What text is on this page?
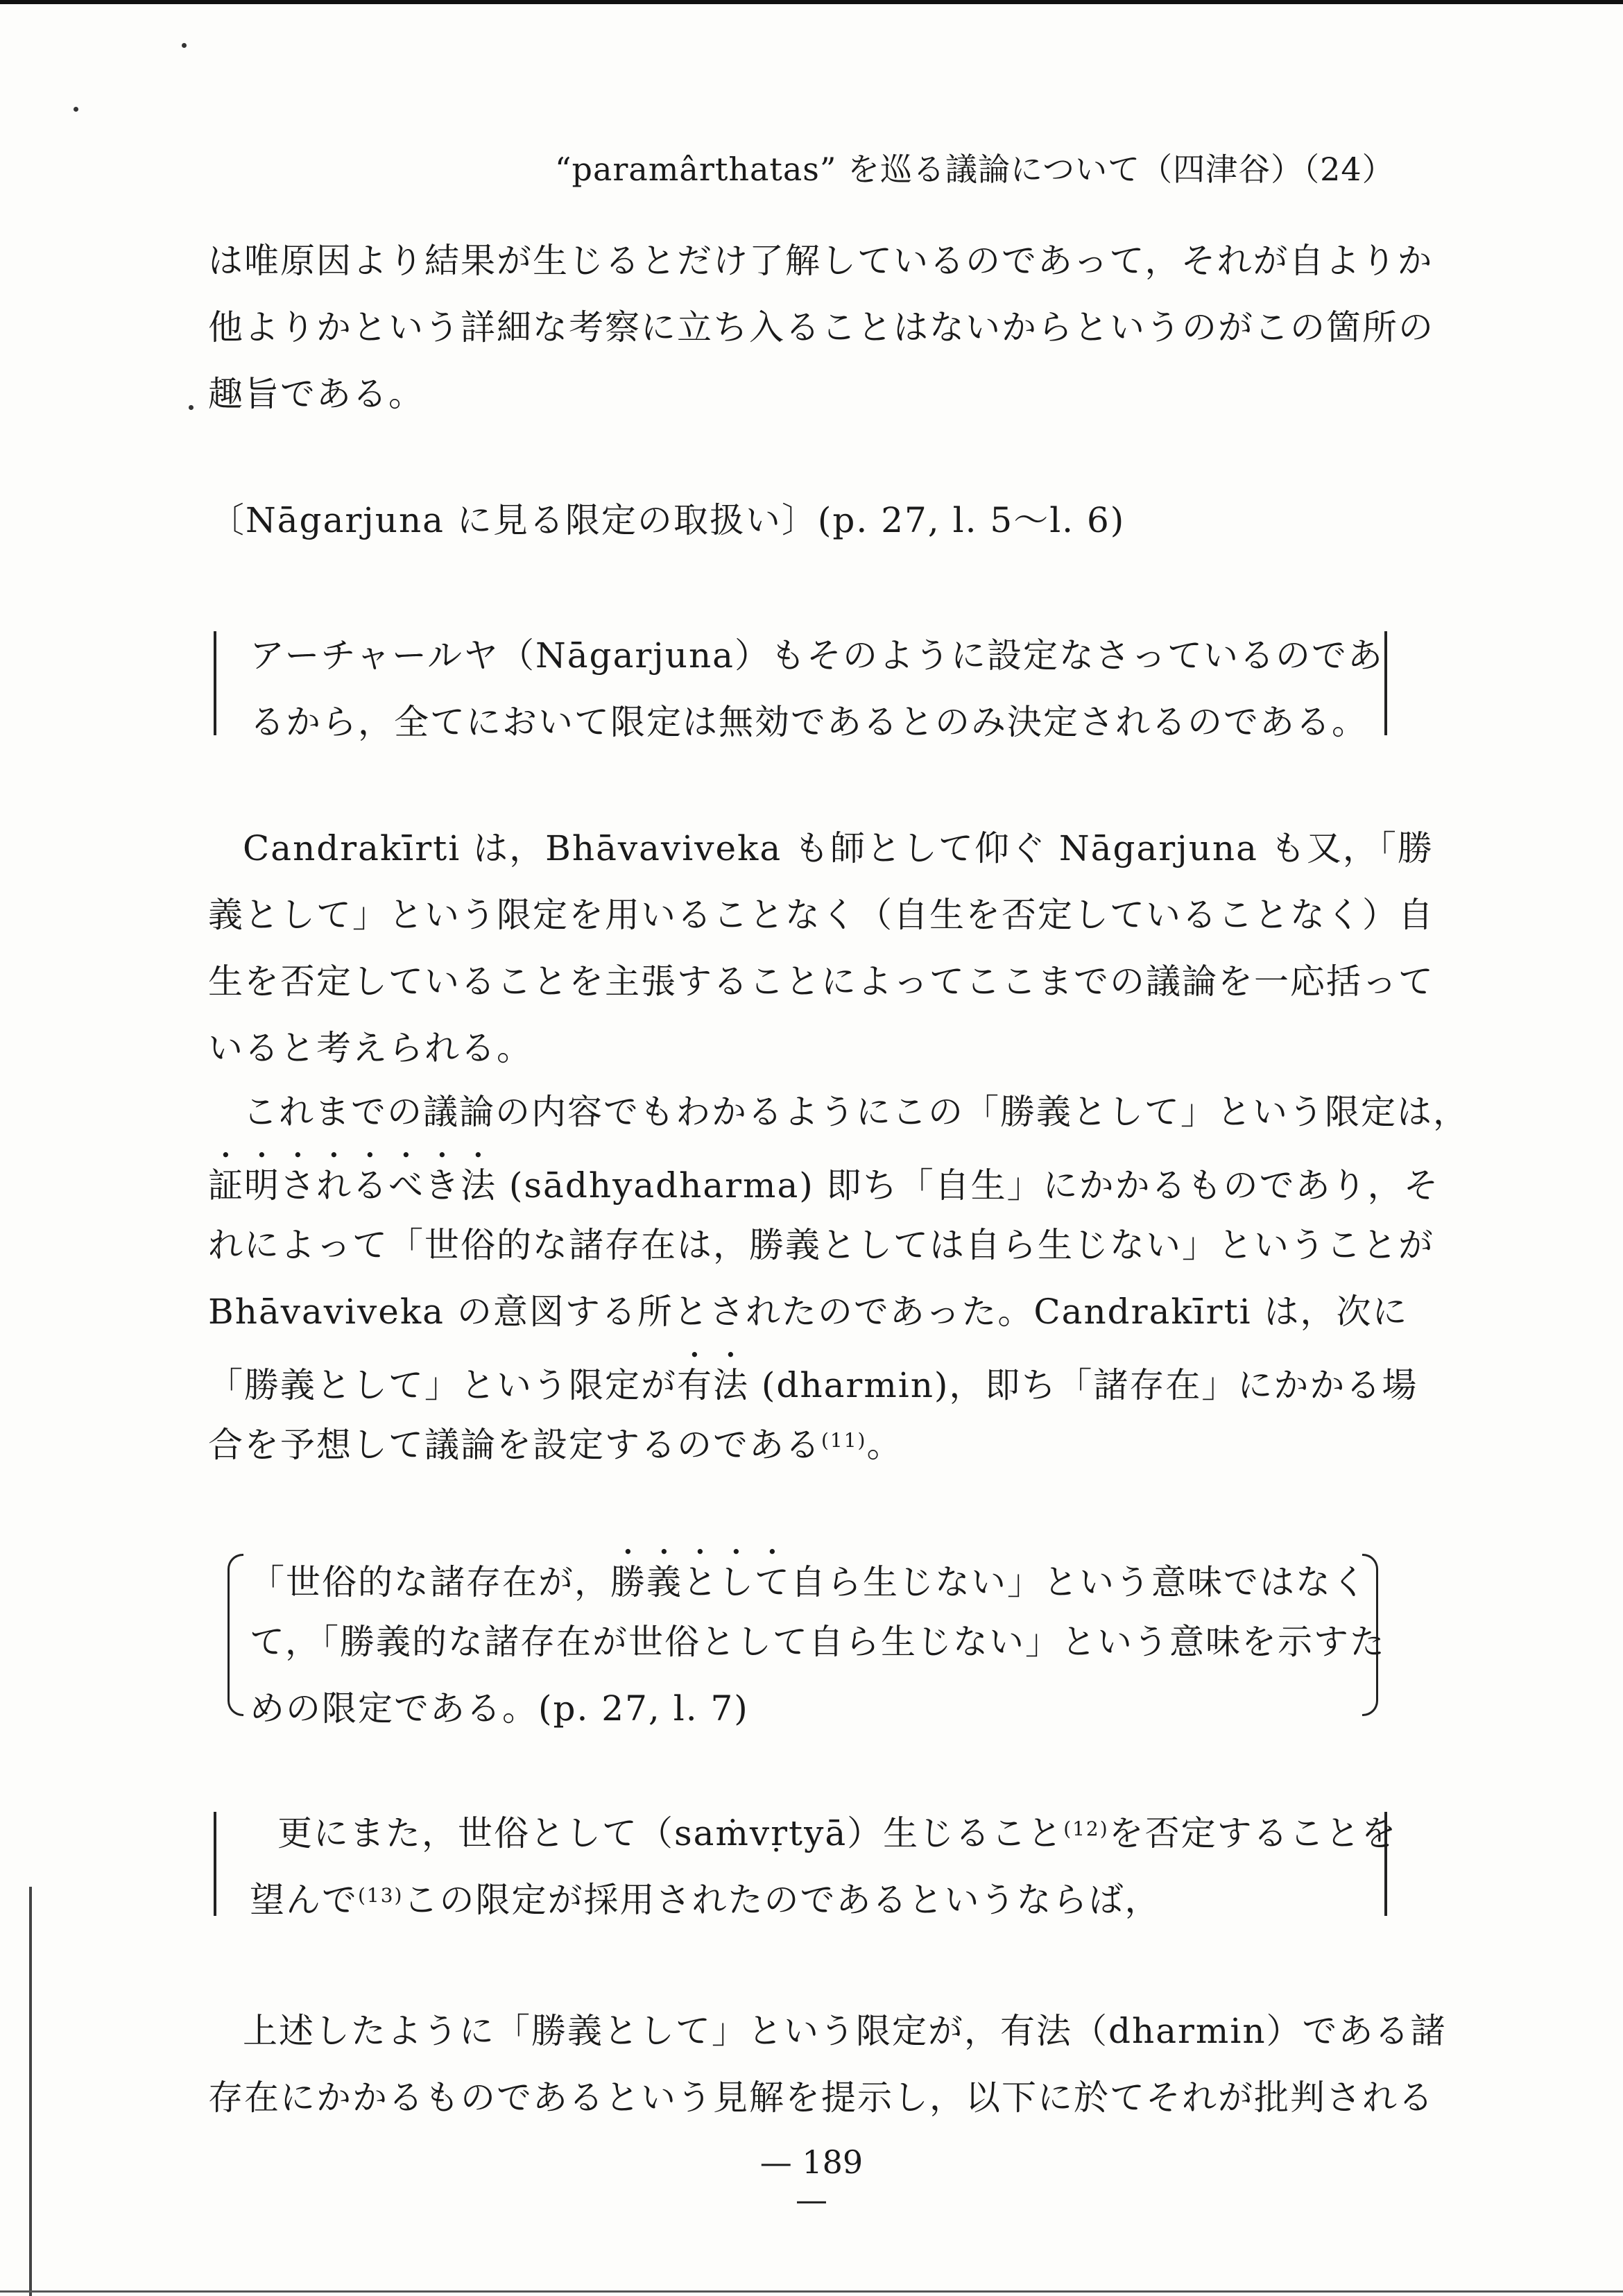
“paramârthatas” を巡る議論について（四津谷）（24）
は唯原因より結果が生じるとだけ了解しているのであって，それが自よりか
他よりかという詳細な考察に立ち入ることはないからというのがこの箇所の
趣旨である。
〔Nāgarjuna に見る限定の取扱い〕(p. 27, l. 5〜l. 6)
アーチャールヤ（Nāgarjuna）もそのように設定なさっているのであ
るから，全てにおいて限定は無効であるとのみ決定されるのである。
Candrakīrti は，Bhāvaviveka も師として仰ぐ Nāgarjuna も又，「勝
義として」という限定を用いることなく（自生を否定していることなく）自
生を否定していることを主張することによってここまでの議論を一応括って
いると考えられる。
これまでの議論の内容でもわかるようにこの「勝義として」という限定は，
証明されるべき法 (sādhyadharma) 即ち「自生」にかかるものであり，そ
れによって「世俗的な諸存在は，勝義としては自ら生じない」ということが
Bhāvaviveka の意図する所とされたのであった。Candrakīrti は，次に
「勝義として」という限定が有法 (dharmin)，即ち「諸存在」にかかる場
合を予想して議論を設定するのである$^{(11)}$。
「世俗的な諸存在が，勝義として自ら生じない」という意味ではなく
て，「勝義的な諸存在が世俗として自ら生じない」という意味を示すた
めの限定である。(p. 27, l. 7)
更にまた，世俗として（saṁvṛtyā）生じること$^{(12)}$を否定することを
望んで$^{(13)}$この限定が採用されたのであるというならば，
上述したように「勝義として」という限定が，有法（dharmin）である諸
存在にかかるものであるという見解を提示し，以下に於てそれが批判される
— 189 —
